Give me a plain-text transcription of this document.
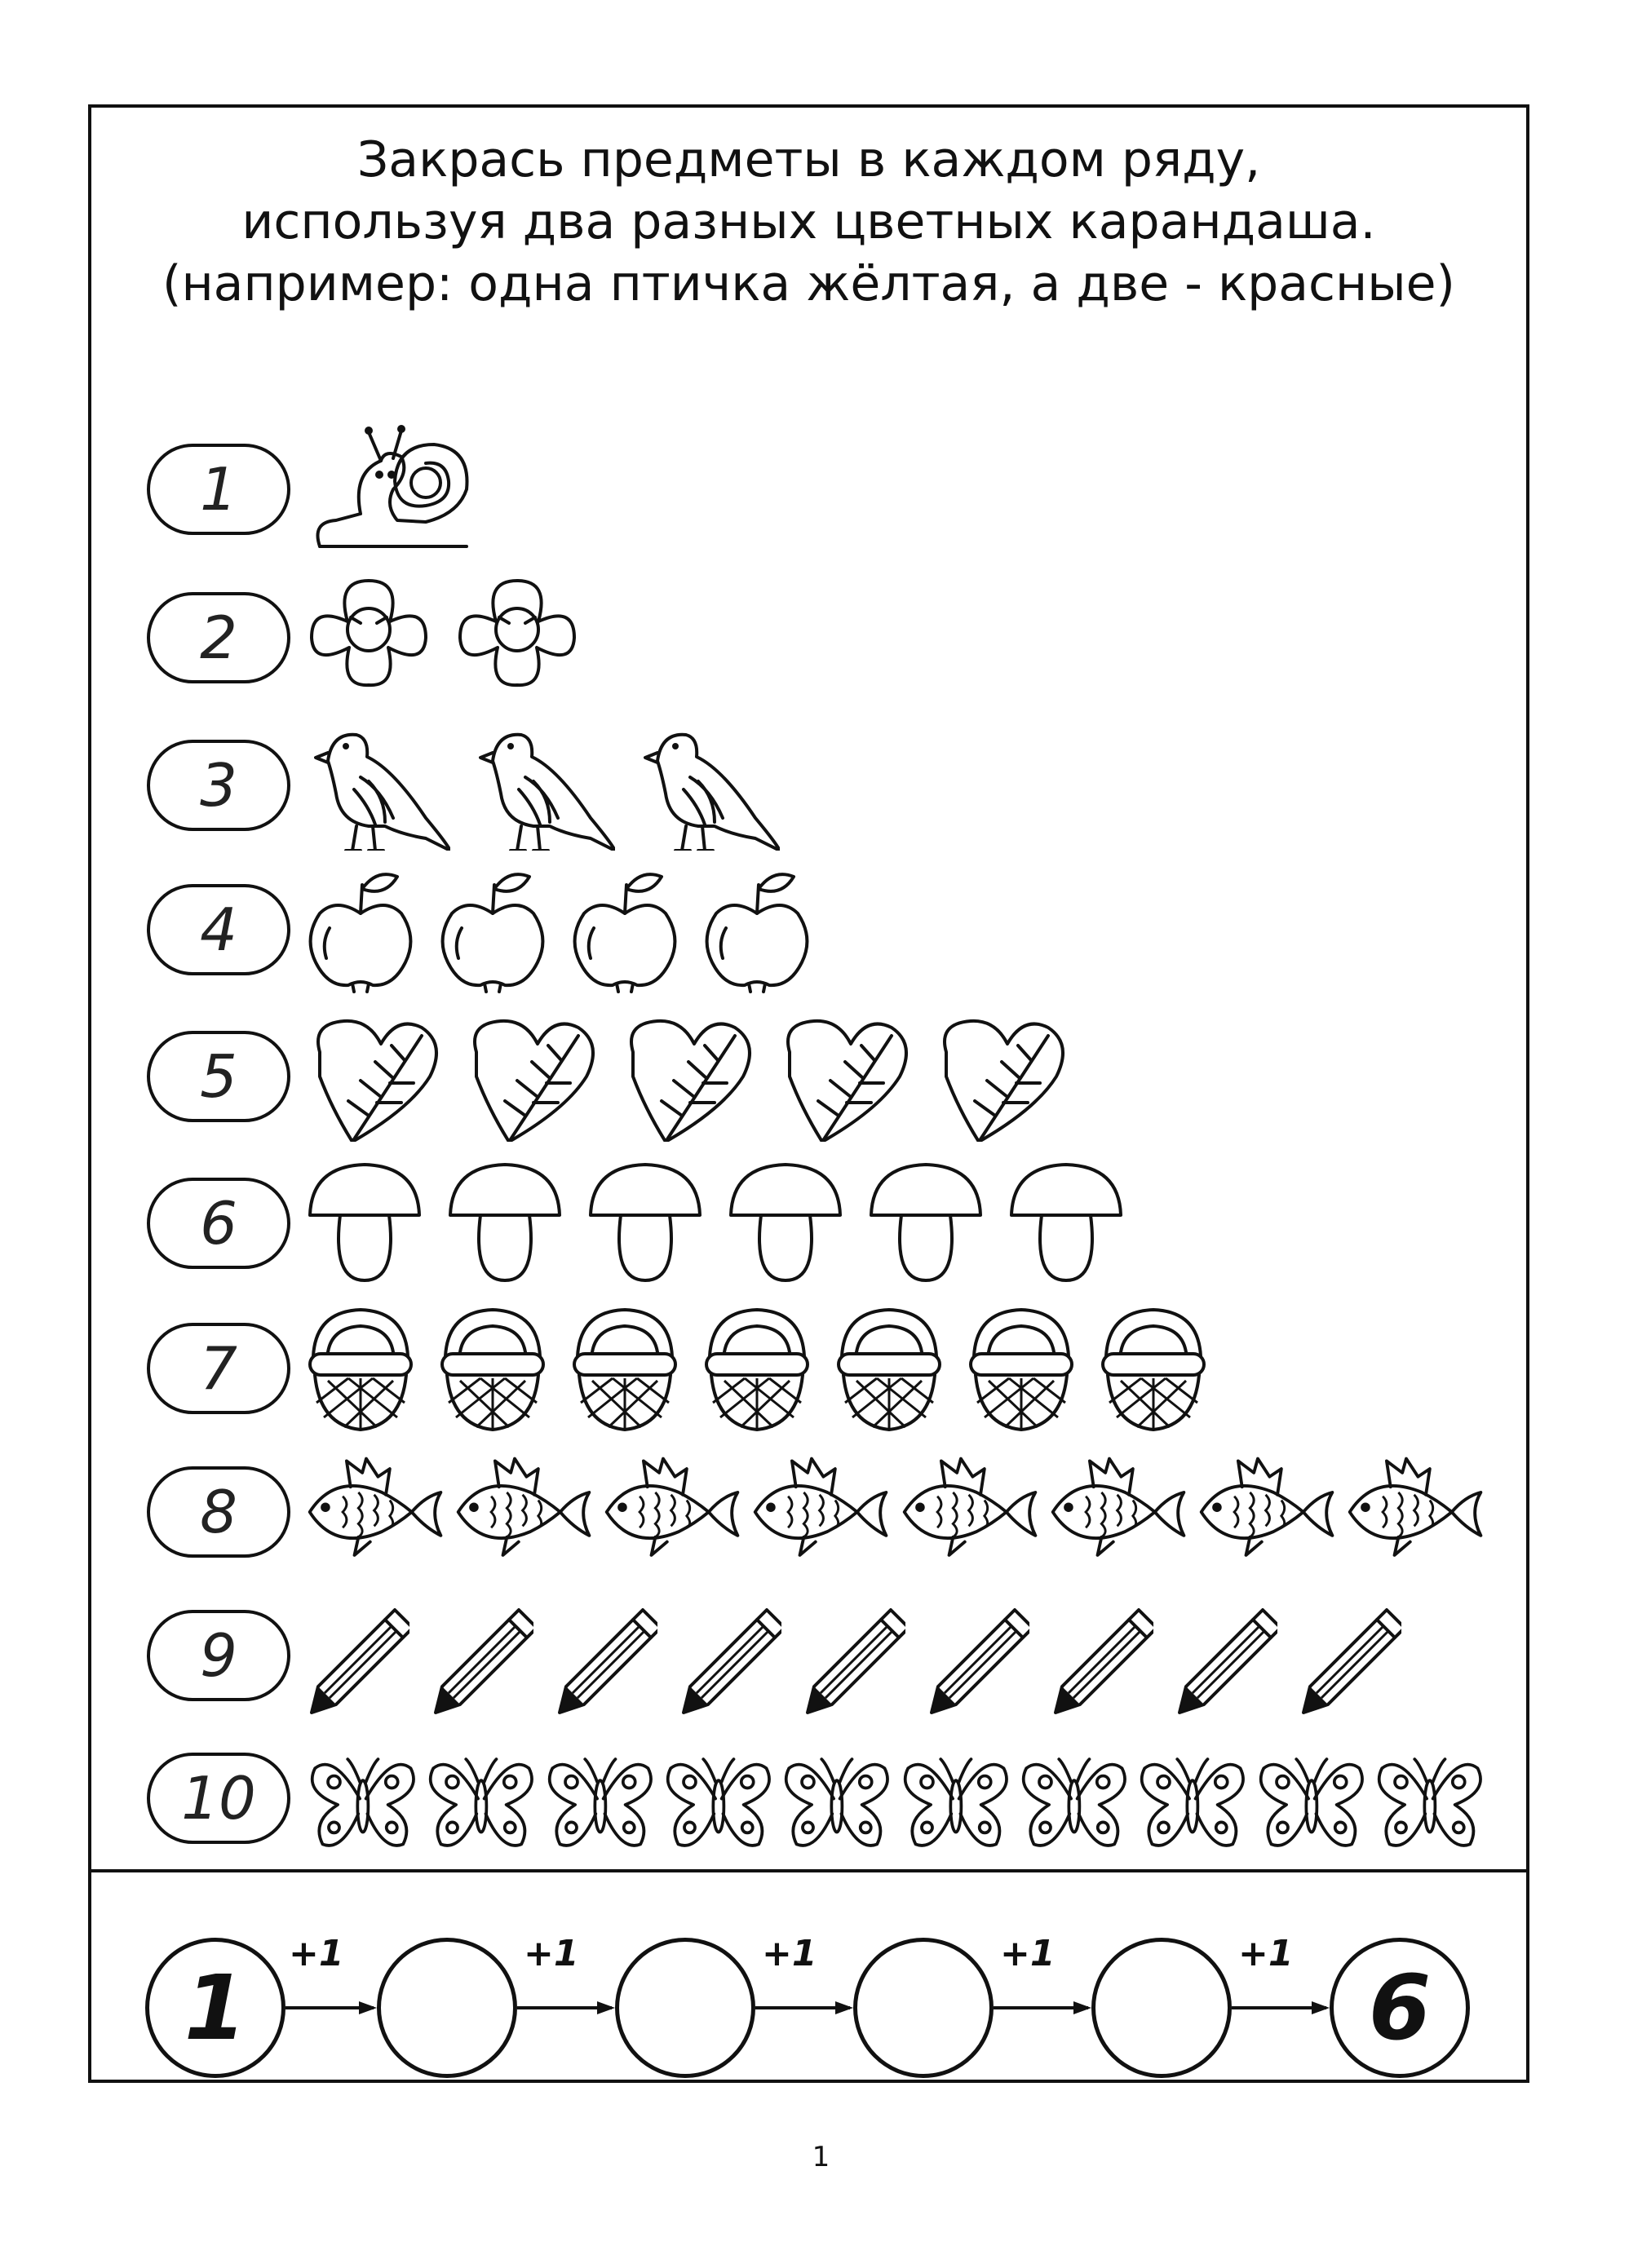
Закрась предметы в каждом ряду,
используя два разных цветных карандаша.
(например: одна птичка жёлтая, а две - красные)
1
2
3
4
5
6
7
8
9
10
1
+1	+1	+1	+1	+1
6
1
